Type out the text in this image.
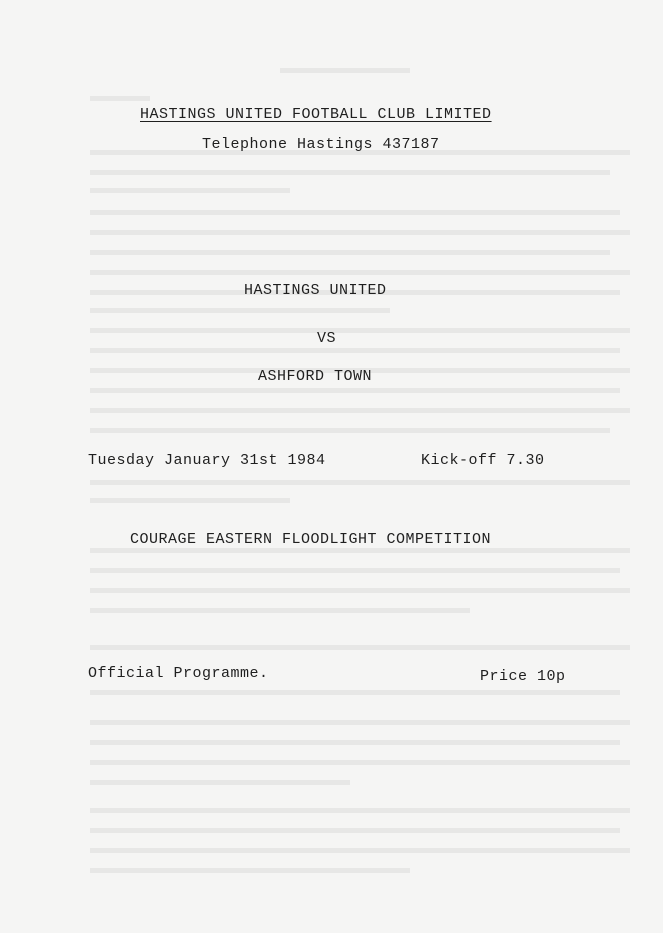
HASTINGS UNITED FOOTBALL CLUB LIMITED
Telephone Hastings 437187
HASTINGS UNITED
VS
ASHFORD TOWN
Tuesday January 31st 1984	Kick-off 7.30
COURAGE EASTERN FLOODLIGHT COMPETITION
Official Programme.	Price 10p
